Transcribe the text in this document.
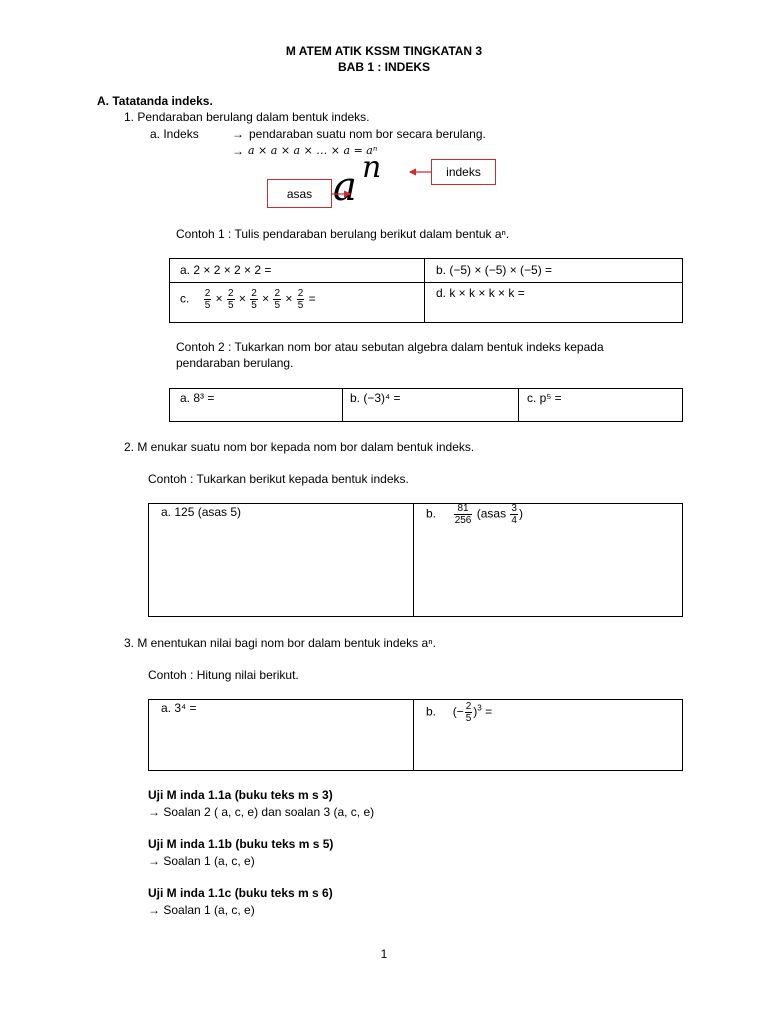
M ATEM ATIK KSSM TINGKATAN 3
BAB 1 : INDEKS
A. Tatatanda indeks.
1. Pendaraban berulang dalam bentuk indeks.
a. Indeks	→ pendaraban suatu nom bor secara berulang.
→ a × a × a × … × a = aⁿ
a n
asas
indeks
Contoh 1 : Tulis pendaraban berulang berikut dalam bentuk aⁿ.
a. 2 × 2 × 2 × 2 =	b. (−5) × (−5) × (−5) =
c. $\frac{2}{5} \times \frac{2}{5} \times \frac{2}{5} \times \frac{2}{5} \times \frac{2}{5}$ =	d. k × k × k × k =
Contoh 2 : Tukarkan nom bor atau sebutan algebra dalam bentuk indeks kepada
pendaraban berulang.
a. 8³ =	b. (−3)⁴ =	c. p⁵ =
2. M enukar suatu nom bor kepada nom bor dalam bentuk indeks.
Contoh : Tukarkan berikut kepada bentuk indeks.
a. 125 (asas 5)	b. $\frac{81}{256}$ (asas $\frac{3}{4}$ )
3. M enentukan nilai bagi nom bor dalam bentuk indeks aⁿ.
Contoh : Hitung nilai berikut.
a. 3⁴ =	b. (− $\frac{2}{5} )^3$ =
Uji M inda 1.1a (buku teks m s 3)
→ Soalan 2 ( a, c, e) dan soalan 3 (a, c, e)
Uji M inda 1.1b (buku teks m s 5)
→ Soalan 1 (a, c, e)
Uji M inda 1.1c (buku teks m s 6)
→ Soalan 1 (a, c, e)
1
